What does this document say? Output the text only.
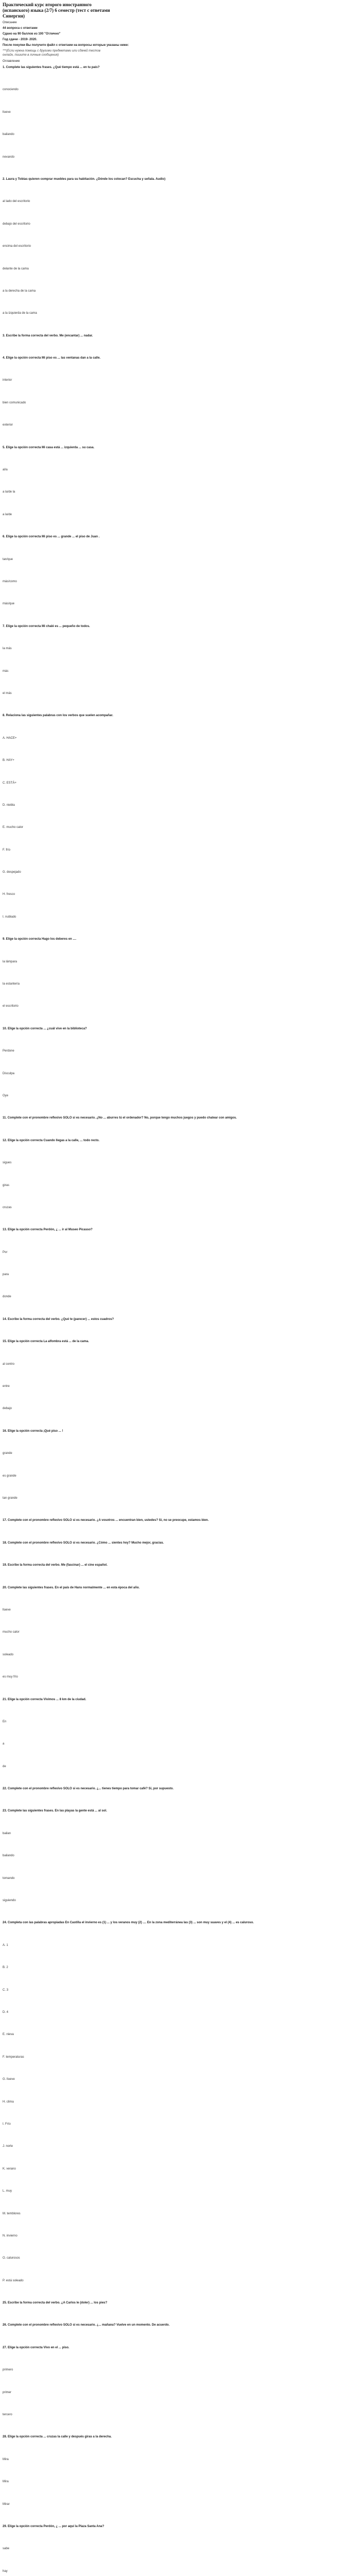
Практический курс второго иностранного
(испанского) языка (2/7) 6 семестр (тест с ответами
Синергия)
Описание
44 вопроса с ответами
Сдано на 90 баллов из 100 "Отлично"
Год сдачи - 2019- 2020.
После покупки Вы получите файл с ответами на вопросы которые указаны ниже:
***(Если нужна помощь с другими предметами или сдачей тестов
онлайн, пишите в личные сообщения)
Оглавление
1. Complete las siguientes frases. ¿Qué tiempo está ... en tu país?
conociendo
llueve
bailando
nevando
2. Laura y Tobías quieren comprar muebles para su habitación. ¿Dónde los colocan? Escucha y señala. Audio)
al lado del escritorio
debajo del escritorio
encima del escritorio
delante de la cama
a la derecha de la cama
a la izquierda de la cama
3. Escribe la forma correcta del verbo. Me (encantar) ... nadar.
4. Elige la opción correcta Mi piso es ... las ventanas dan a la calle.
interior
bien comunicado
exterior
5. Elige la opción correcta Mi casa está ... izquierda ... su casa.
al/a
a la/de la
a la/de
6. Elige la opción correcta Mi piso es ... grande ... el piso de Juan .
tan/que
más/como
más/que
7. Elige la opción correcta Mi chalé es ... pequeño de todos.
la más
más
el más
8. Relaciona las siguientes palabras con los verbos que suelen acompañar.
A. HACE+
B. HAY+
C. ESTÁ+
D. niebla
E. mucho calor
F. frío
G. despejado
H. fresco
I. nublado
9. Elige la opción correcta Hago los deberes en ....
la lámpara
la estantería
el escritorio
10. Elige la opción correcta ... ¿cuál vive en la biblioteca?
Perdone
Disculpa
Oye
11. Complete con el pronombre reflexivo SOLO si es necesario. ¿No ... aburres tú el ordenador? No, porque tengo muchos juegos y puedo chatear con amigos.
12. Elige la opción correcta Cuando llegas a la calle, ... todo recto.
sigues
giras
cruzas
13. Elige la opción correcta Perdón, ¿ ... ir al Museo Picasso?
Por
para
donde
14. Escribe la forma correcta del verbo. ¿Qué te (parecer) ... estos cuadros?
15. Elige la opción correcta La alfombra está ... de la cama.
al centro
entre
debajo
16. Elige la opción correcta ¡Qué piso ... !
grande
es grande
tan grande
17. Complete con el pronombre reflexivo SOLO si es necesario. ¿A vosotros ... encuentran bien, ustedes? Sí, no se preocupe, estamos bien.
18. Complete con el pronombre reflexivo SOLO si es necesario. ¿Cómo ... sientes hoy? Mucho mejor, gracias.
19. Escribe la forma correcta del verbo. Me (fascinar) ... el cine español.
20. Complete las siguientes frases. En el país de Hans normalmente ... en esta época del año.
llueve
mucho calor
soleado
es muy frío
21. Elige la opción correcta Vivimos ... 8 km de la ciudad.
En
a
de
22. Complete con el pronombre reflexivo SOLO si es necesario. ¿... tienes tiempo para tomar café? Sí, por supuesto.
23. Complete las siguientes frases. En las playas la gente está ... al sol.
bailan
bailando
tomando
siguiendo
24. Completa con las palabras apropiadas En Castilla el invierno es (1) ... y los veranos muy (2) .... En la zona mediterránea las (3) ... son muy suaves y el (4) ... es caluroso.
A. 1
B. 2
C. 3
D. 4
E. nieva
F. temperaturas
G. llueve
H. clima
I. Frío
J. norte
K. verano
L. muy
M. temblores
N. invierno
O. calurosos
P. está soleado
25. Escribe la forma correcta del verbo. ¿A Carlos le (doler) ... los pies?
26. Complete con el pronombre reflexivo SOLO si es necesario. ¿... mañana? Vuelve en un momento. De acuerdo.
27. Elige la opción correcta Vivo en el ... piso.
primero
primer
tercero
28. Elige la opción correcta ... cruzas la calle y después giras a la derecha.
Mira
Mira
Mirar
29. Elige la opción correcta Perdón, ¿ ... por aquí la Plaza Santa Ana?
sabe
hay
